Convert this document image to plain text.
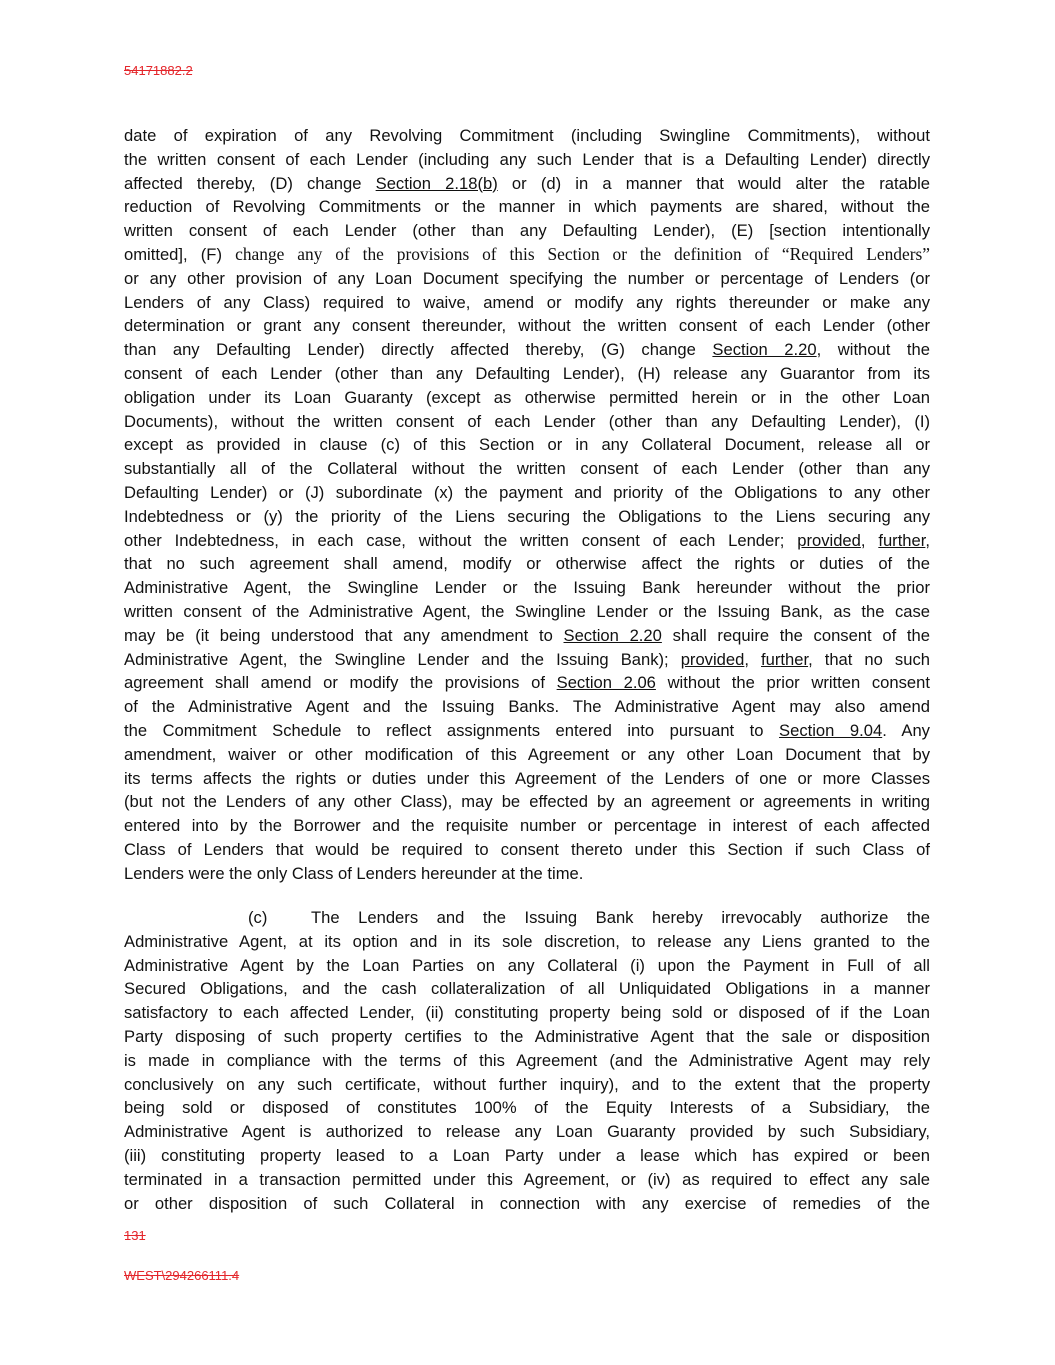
54171882.2
date of expiration of any Revolving Commitment (including Swingline Commitments), without
the written consent of each Lender (including any such Lender that is a Defaulting Lender) directly
affected thereby, (D) change Section 2.18(b) or (d) in a manner that would alter the ratable
reduction of Revolving Commitments or the manner in which payments are shared, without the
written consent of each Lender (other than any Defaulting Lender), (E) [section intentionally
omitted], (F) change any of the provisions of this Section or the definition of “Required Lenders”
or any other provision of any Loan Document specifying the number or percentage of Lenders (or
Lenders of any Class) required to waive, amend or modify any rights thereunder or make any
determination or grant any consent thereunder, without the written consent of each Lender (other
than any Defaulting Lender) directly affected thereby, (G) change Section 2.20, without the
consent of each Lender (other than any Defaulting Lender), (H) release any Guarantor from its
obligation under its Loan Guaranty (except as otherwise permitted herein or in the other Loan
Documents), without the written consent of each Lender (other than any Defaulting Lender), (I)
except as provided in clause (c) of this Section or in any Collateral Document, release all or
substantially all of the Collateral without the written consent of each Lender (other than any
Defaulting Lender) or (J) subordinate (x) the payment and priority of the Obligations to any other
Indebtedness or (y) the priority of the Liens securing the Obligations to the Liens securing any
other Indebtedness, in each case, without the written consent of each Lender; provided, further,
that no such agreement shall amend, modify or otherwise affect the rights or duties of the
Administrative Agent, the Swingline Lender or the Issuing Bank hereunder without the prior
written consent of the Administrative Agent, the Swingline Lender or the Issuing Bank, as the case
may be (it being understood that any amendment to Section 2.20 shall require the consent of the
Administrative Agent, the Swingline Lender and the Issuing Bank); provided, further, that no such
agreement shall amend or modify the provisions of Section 2.06 without the prior written consent
of the Administrative Agent and the Issuing Banks. The Administrative Agent may also amend
the Commitment Schedule to reflect assignments entered into pursuant to Section 9.04. Any
amendment, waiver or other modification of this Agreement or any other Loan Document that by
its terms affects the rights or duties under this Agreement of the Lenders of one or more Classes
(but not the Lenders of any other Class), may be effected by an agreement or agreements in writing
entered into by the Borrower and the requisite number or percentage in interest of each affected
Class of Lenders that would be required to consent thereto under this Section if such Class of
Lenders were the only Class of Lenders hereunder at the time.
(c)	The Lenders and the Issuing Bank hereby irrevocably authorize the
Administrative Agent, at its option and in its sole discretion, to release any Liens granted to the
Administrative Agent by the Loan Parties on any Collateral (i) upon the Payment in Full of all
Secured Obligations, and the cash collateralization of all Unliquidated Obligations in a manner
satisfactory to each affected Lender, (ii) constituting property being sold or disposed of if the Loan
Party disposing of such property certifies to the Administrative Agent that the sale or disposition
is made in compliance with the terms of this Agreement (and the Administrative Agent may rely
conclusively on any such certificate, without further inquiry), and to the extent that the property
being sold or disposed of constitutes 100% of the Equity Interests of a Subsidiary, the
Administrative Agent is authorized to release any Loan Guaranty provided by such Subsidiary,
(iii) constituting property leased to a Loan Party under a lease which has expired or been
terminated in a transaction permitted under this Agreement, or (iv) as required to effect any sale
or other disposition of such Collateral in connection with any exercise of remedies of the
131
WEST\294266111.4
